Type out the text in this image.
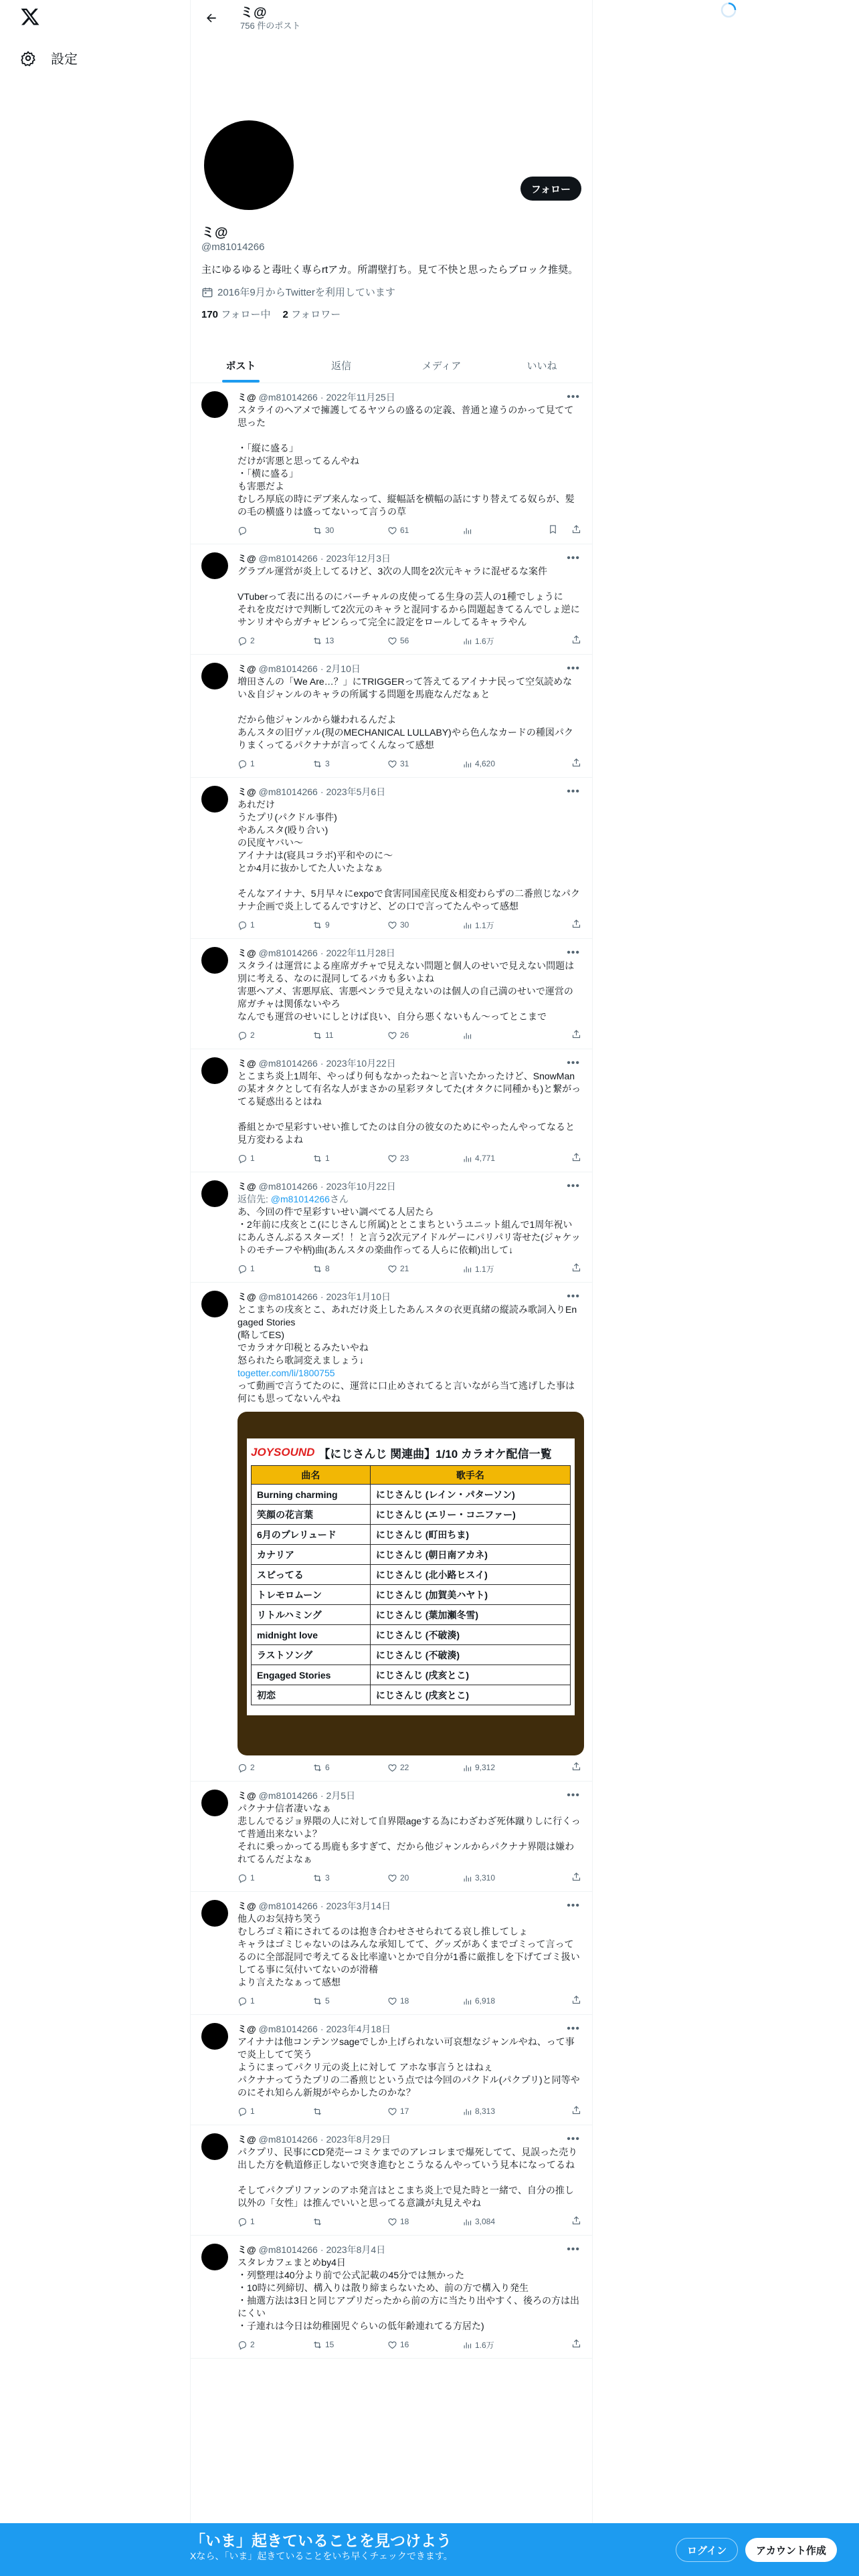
設定
ミ@
756 件のポスト
フォロー
ミ@
@m81014266
主にゆるゆると毒吐く専らrtアカ。所謂壁打ち。見て不快と思ったらブロック推奨。
2016年9月からTwitterを利用しています
170 フォロー中 2 フォロワー
ポスト	返信	メディア	いいね
ミ@ @m81014266 · 2022年11月25日	•••
スタライのヘアメで擁護してるヤツらの盛るの定義、普通と違うのかって見てて思った

・「縦に盛る」
だけが害悪と思ってるんやね
・「横に盛る」
も害悪だよ
むしろ厚底の時にデブ来んなって、縦幅話を横幅の話にすり替えてる奴らが、髪の毛の横盛りは盛ってないって言うの草
30	61
ミ@ @m81014266 · 2023年12月3日	•••
グラブル運営が炎上してるけど、3次の人間を2次元キャラに混ぜるな案件

VTuberって表に出るのにバーチャルの皮使ってる生身の芸人の1種でしょうに
それを皮だけで判断して2次元のキャラと混同するから問題起きてるんでしょ逆にサンリオやらガチャピンらって完全に設定をロールしてるキャラやん
2	13	56	1.6万
ミ@ @m81014266 · 2月10日	•••
増田さんの「We Are…？」にTRIGGERって答えてるアイナナ民って空気読めない＆自ジャンルのキャラの所属する問題を馬鹿なんだなぁと

だから他ジャンルから嫌われるんだよ
あんスタの旧ヴァル(現のMECHANICAL LULLABY)やら色んなカードの種図パクりまくってるパクナナが言ってくんなって感想
1	3	31	4,620
ミ@ @m81014266 · 2023年5月6日	•••
あれだけ
うたプリ(パクドル事件)
やあんスタ(殴り合い)
の民度ヤバい〜
アイナナは(寝具コラボ)平和やのに〜
とか4月に抜かしてた人いたよなぁ

そんなアイナナ、5月早々にexpoで食害同国産民度＆相変わらずの二番煎じなパクナナ企画で炎上してるんですけど、どの口で言ってたんやって感想
1	9	30	1.1万
ミ@ @m81014266 · 2022年11月28日	•••
スタライは運営による座席ガチャで見えない問題と個人のせいで見えない問題は別に考える、なのに混同してるバカも多いよね
害悪ヘアメ、害悪厚底、害悪ペンラで見えないのは個人の自己満のせいで運営の席ガチャは関係ないやろ
なんでも運営のせいにしとけば良い、自分ら悪くないもん〜ってとこまで
2	11	26
ミ@ @m81014266 · 2023年10月22日	•••
とこまち炎上1周年、やっぱり何もなかったね〜と言いたかったけど、SnowManの某オタクとして有名な人がまさかの星彩ヲタしてた(オタクに同種かも)と繋がってる疑惑出るとはね

番組とかで星彩すいせい推してたのは自分の彼女のためにやったんやってなると見方変わるよね
1	1	23	4,771
ミ@ @m81014266 · 2023年10月22日	•••
返信先: @m81014266さん
あ、今回の件で星彩すいせい調べてる人居たら
・2年前に戌亥とこ(にじさんじ所属)ととこまちというユニット組んで1周年祝いにあんさんぶるスターズ！！と言う2次元アイドルゲーにパリパリ寄せた(ジャケットのモチーフや柄)曲(あんスタの楽曲作ってる人らに依頼)出して↓
1	8	21	1.1万
ミ@ @m81014266 · 2023年1月10日	•••
とこまちの戌亥とこ、あれだけ炎上したあんスタの衣更真緒の縦読み歌詞入りEngaged Stories
(略してES)
でカラオケ印税とるみたいやね
怒られたら歌詞変えましょう↓
togetter.com/li/1800755
って動画で言うてたのに、運営に口止めされてると言いながら当て逃げした事は何にも思ってないんやね
JOYSOUND 【にじさんじ 関連曲】1/10 カラオケ配信一覧
曲名	歌手名
Burning charming	にじさんじ (レイン・パターソン)
笑顔の花言葉	にじさんじ (エリー・コニファー)
6月のプレリュード	にじさんじ (町田ちま)
カナリア	にじさんじ (朝日南アカネ)
スピってる	にじさんじ (北小路ヒスイ)
トレモロムーン	にじさんじ (加賀美ハヤト)
リトルハミング	にじさんじ (葉加瀬冬雪)
midnight love	にじさんじ (不破湊)
ラストソング	にじさんじ (不破湊)
Engaged Stories	にじさんじ (戌亥とこ)
初恋	にじさんじ (戌亥とこ)
2	6	22	9,312
ミ@ @m81014266 · 2月5日	•••
パクナナ信者凄いなぁ
悲しんでるジョ界隈の人に対して自界隈ageする為にわざわざ死体蹴りしに行くって普通出来ないよ？
それに乗っかってる馬鹿も多すぎて、だから他ジャンルからパクナナ界隈は嫌われてるんだよなぁ
1	3	20	3,310
ミ@ @m81014266 · 2023年3月14日	•••
他人のお気持ち笑う
むしろゴミ箱にされてるのは抱き合わせさせられてる哀し推してしょ
キャラはゴミじゃないのはみんな承知してて、グッズがあくまでゴミって言ってるのに全部混同で考えてる＆比率違いとかで自分が1番に厳推しを下げてゴミ扱いしてる事に気付いてないのが滑稽
より言えたなぁって感想
1	5	18	6,918
ミ@ @m81014266 · 2023年4月18日	•••
アイナナは他コンテンツsageでしか上げられない可哀想なジャンルやね、って事で炎上してて笑う
ようにまってパクリ元の炎上に対して アホな事言うとはねぇ
パクナナってうたプリの二番煎じという点では今回のパクドル(パクプリ)と同等やのにそれ知らん新規がやらかしたのかな？
1	17	8,313
ミ@ @m81014266 · 2023年8月29日	•••
パクプリ、民事にCD発売ーコミケまでのアレコレまで爆死してて、見誤った売り出した方を軌道修正しないで突き進むとこうなるんやっていう見本になってるね

そしてパクプリファンのアホ発言はとこまち炎上で見た時と一緒で、自分の推し以外の「女性」は推んでいいと思ってる意識が丸見えやね
1	18	3,084
ミ@ @m81014266 · 2023年8月4日	•••
スタレカフェまとめby4日
・列整理は40分より前で公式記載の45分では無かった
・10時に列締切、構入りは散り締まらないため、前の方で構入り発生
・抽選方法は3日と同じアプリだったから前の方に当たり出やすく、後ろの方は出にくい
・子連れは今日は幼稚園児ぐらいの低年齢連れてる方居た)
2	15	16	1.6万
「いま」起きていることを見つけよう
Xなら、「いま」起きていることをいち早くチェックできます。	ログイン	アカウント作成
